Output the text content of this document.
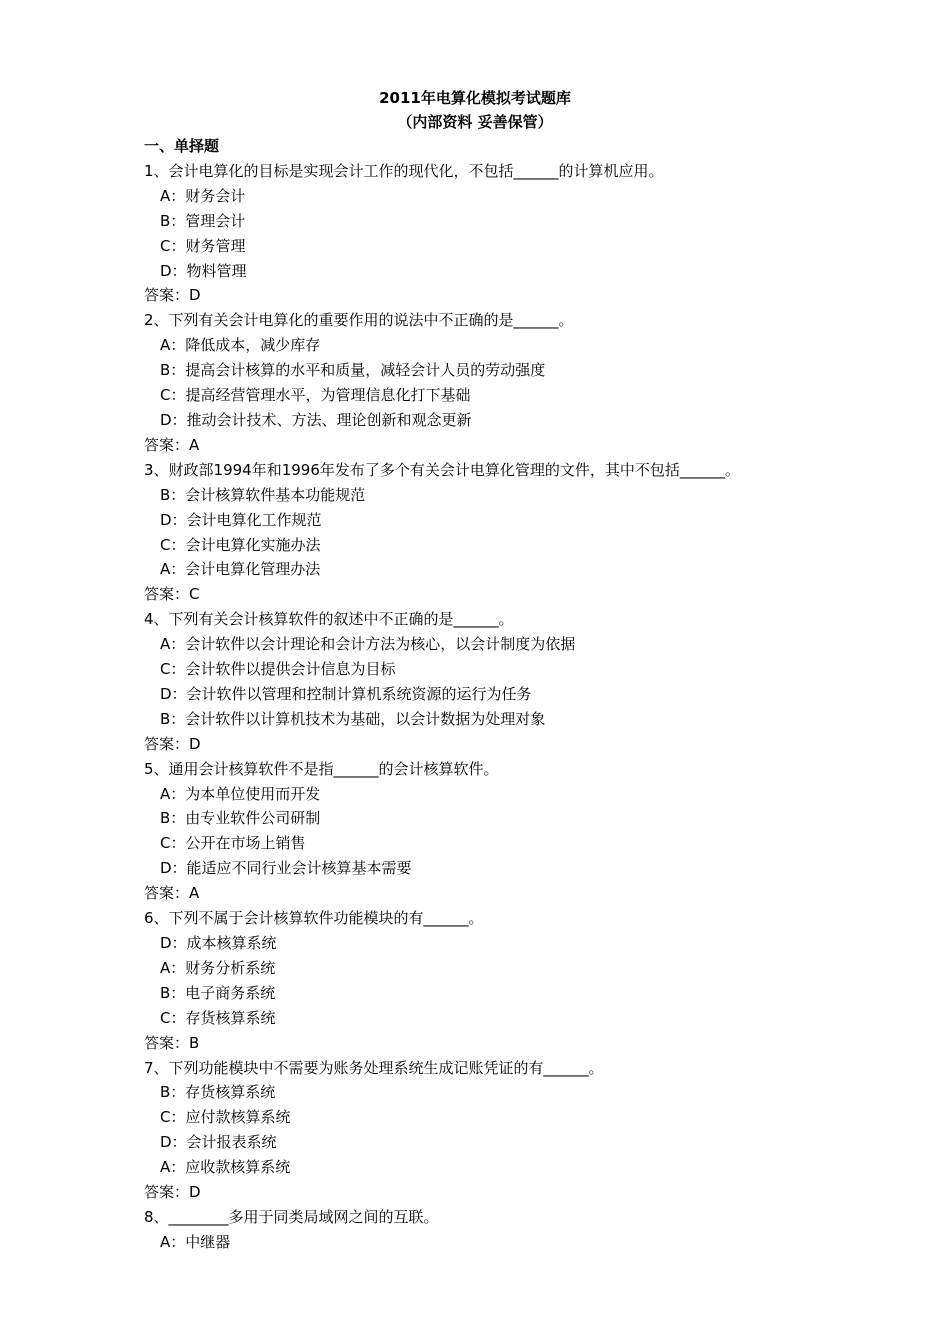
2011年电算化模拟考试题库
（内部资料 妥善保管）
一、单择题
1、会计电算化的目标是实现会计工作的现代化，不包括______的计算机应用。
A：财务会计
B：管理会计
C：财务管理
D：物料管理
答案：D
2、下列有关会计电算化的重要作用的说法中不正确的是______。
A：降低成本，减少库存
B：提高会计核算的水平和质量，减轻会计人员的劳动强度
C：提高经营管理水平，为管理信息化打下基础
D：推动会计技术、方法、理论创新和观念更新
答案：A
3、财政部1994年和1996年发布了多个有关会计电算化管理的文件，其中不包括______。
B：会计核算软件基本功能规范
D：会计电算化工作规范
C：会计电算化实施办法
A：会计电算化管理办法
答案：C
4、下列有关会计核算软件的叙述中不正确的是______。
A：会计软件以会计理论和会计方法为核心，以会计制度为依据
C：会计软件以提供会计信息为目标
D：会计软件以管理和控制计算机系统资源的运行为任务
B：会计软件以计算机技术为基础，以会计数据为处理对象
答案：D
5、通用会计核算软件不是指______的会计核算软件。
A：为本单位使用而开发
B：由专业软件公司研制
C：公开在市场上销售
D：能适应不同行业会计核算基本需要
答案：A
6、下列不属于会计核算软件功能模块的有______。
D：成本核算系统
A：财务分析系统
B：电子商务系统
C：存货核算系统
答案：B
7、下列功能模块中不需要为账务处理系统生成记账凭证的有______。
B：存货核算系统
C：应付款核算系统
D：会计报表系统
A：应收款核算系统
答案：D
8、________多用于同类局域网之间的互联。
A：中继器
